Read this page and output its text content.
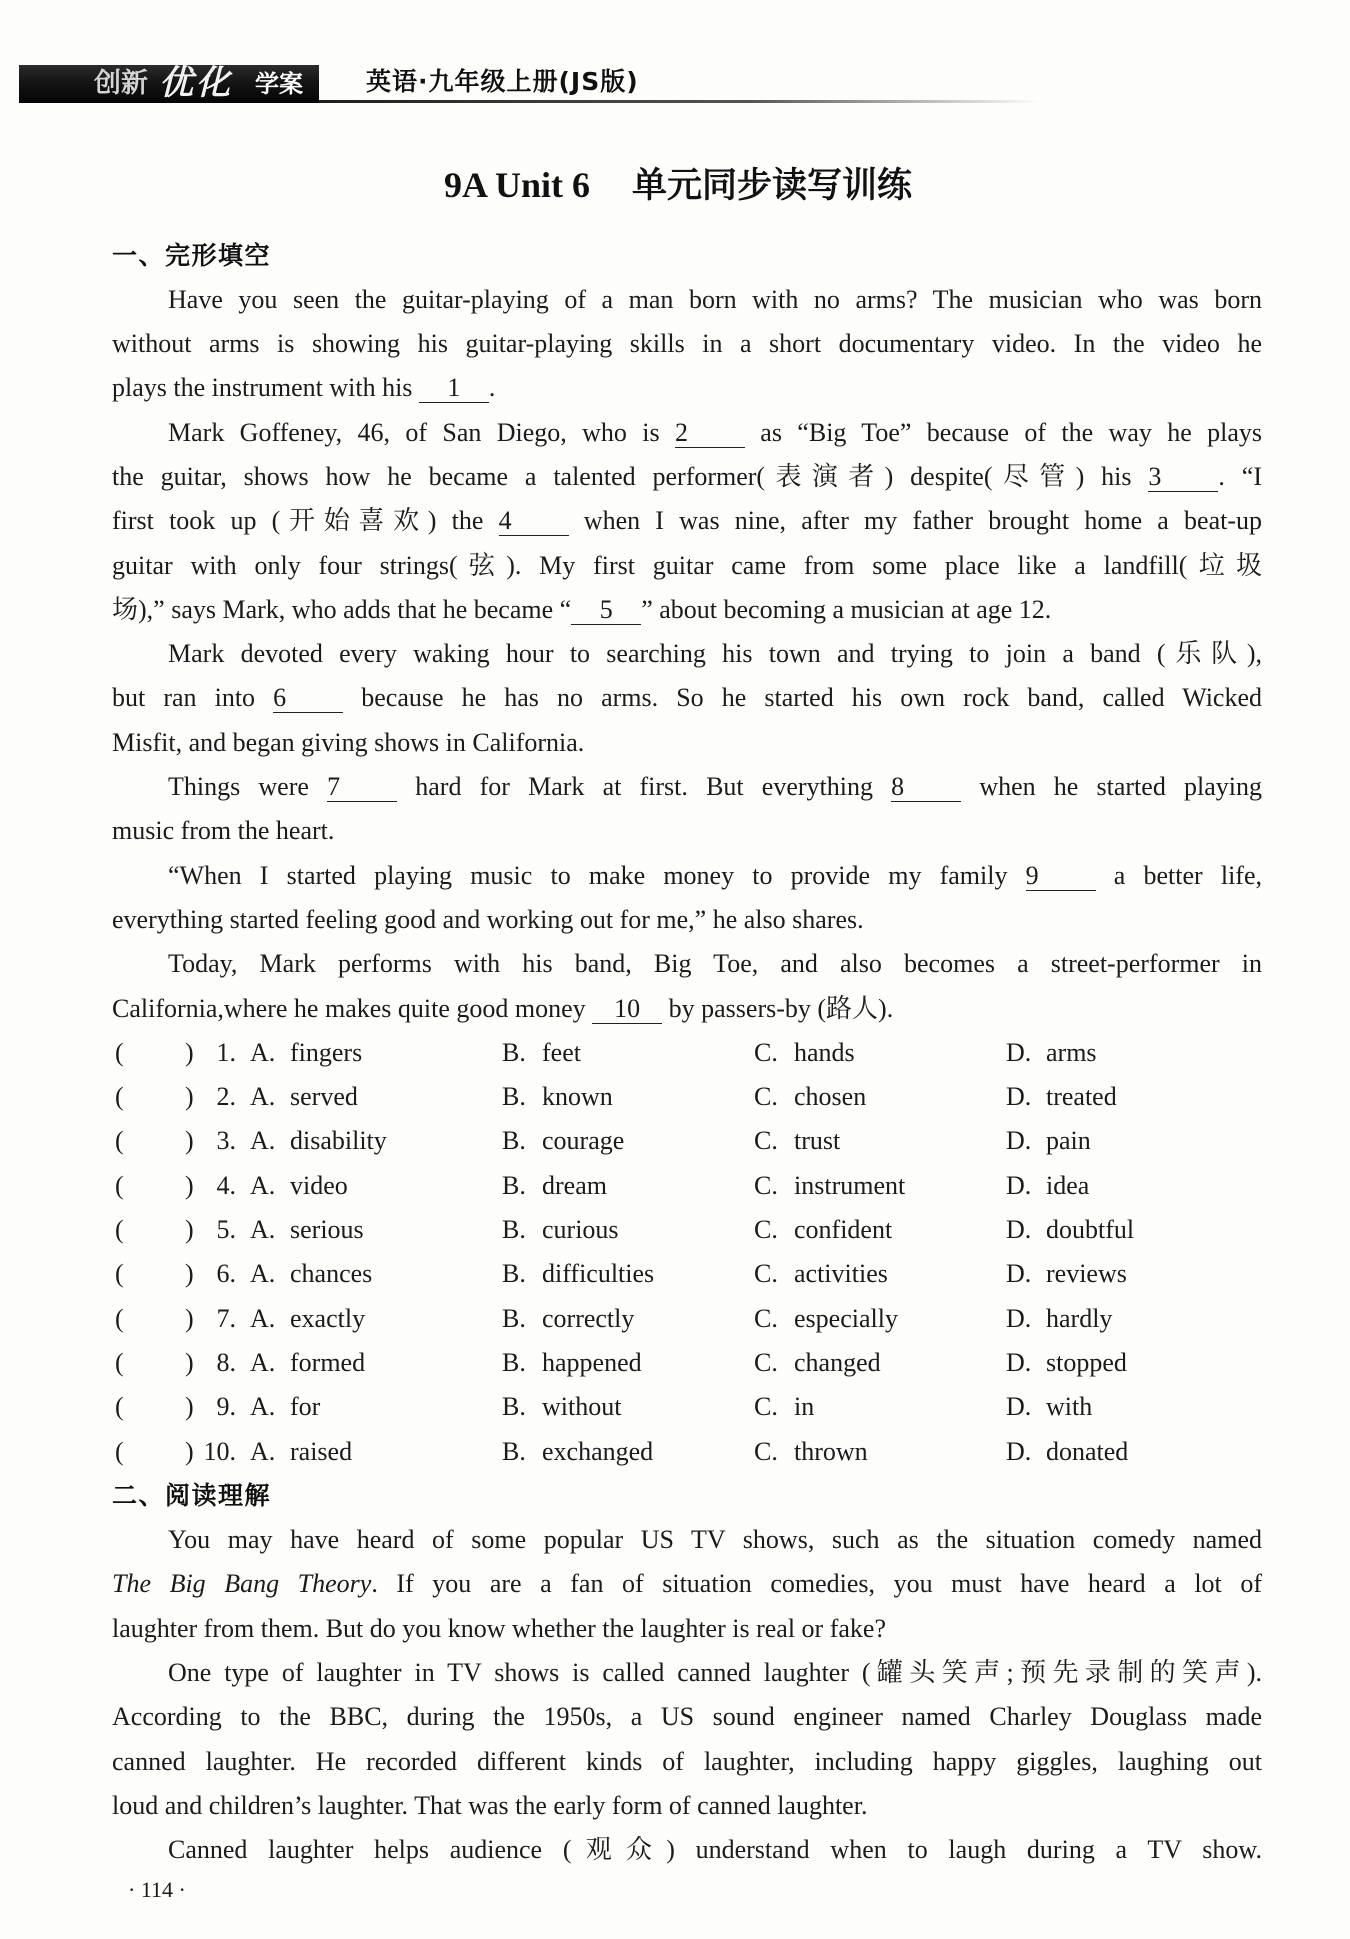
创新 优化 学案	英语·九年级上册(JS版)
9A Unit 6 单元同步读写训练
一、完形填空
Have you seen the guitar-playing of a man born with no arms? The musician who was born
without arms is showing his guitar-playing skills in a short documentary video. In the video he
plays the instrument with his 1 .
Mark Goffeney, 46, of San Diego, who is 2 as “Big Toe” because of the way he plays
the guitar, shows how he became a talented performer(表演者) despite(尽管) his 3 . “I
first took up (开始喜欢) the 4 when I was nine, after my father brought home a beat-up
guitar with only four strings(弦). My first guitar came from some place like a landfill(垃圾
场),” says Mark, who adds that he became “ 5 ” about becoming a musician at age 12.
Mark devoted every waking hour to searching his town and trying to join a band (乐队),
but ran into 6 because he has no arms. So he started his own rock band, called Wicked
Misfit, and began giving shows in California.
Things were 7 hard for Mark at first. But everything 8 when he started playing
music from the heart.
“When I started playing music to make money to provide my family 9 a better life,
everything started feeling good and working out for me,” he also shares.
Today, Mark performs with his band, Big Toe, and also becomes a street-performer in
California,where he makes quite good money 10 by passers-by (路人).
( ) 1. A. fingers	B. feet	C. hands	D. arms
( ) 2. A. served	B. known	C. chosen	D. treated
( ) 3. A. disability	B. courage	C. trust	D. pain
( ) 4. A. video	B. dream	C. instrument	D. idea
( ) 5. A. serious	B. curious	C. confident	D. doubtful
( ) 6. A. chances	B. difficulties	C. activities	D. reviews
( ) 7. A. exactly	B. correctly	C. especially	D. hardly
( ) 8. A. formed	B. happened	C. changed	D. stopped
( ) 9. A. for	B. without	C. in	D. with
( ) 10. A. raised	B. exchanged	C. thrown	D. donated
二、阅读理解
You may have heard of some popular US TV shows, such as the situation comedy named
The Big Bang Theory. If you are a fan of situation comedies, you must have heard a lot of
laughter from them. But do you know whether the laughter is real or fake?
One type of laughter in TV shows is called canned laughter (罐头笑声;预先录制的笑声).
According to the BBC, during the 1950s, a US sound engineer named Charley Douglass made
canned laughter. He recorded different kinds of laughter, including happy giggles, laughing out
loud and children’s laughter. That was the early form of canned laughter.
Canned laughter helps audience (观众) understand when to laugh during a TV show.
· 114 ·
